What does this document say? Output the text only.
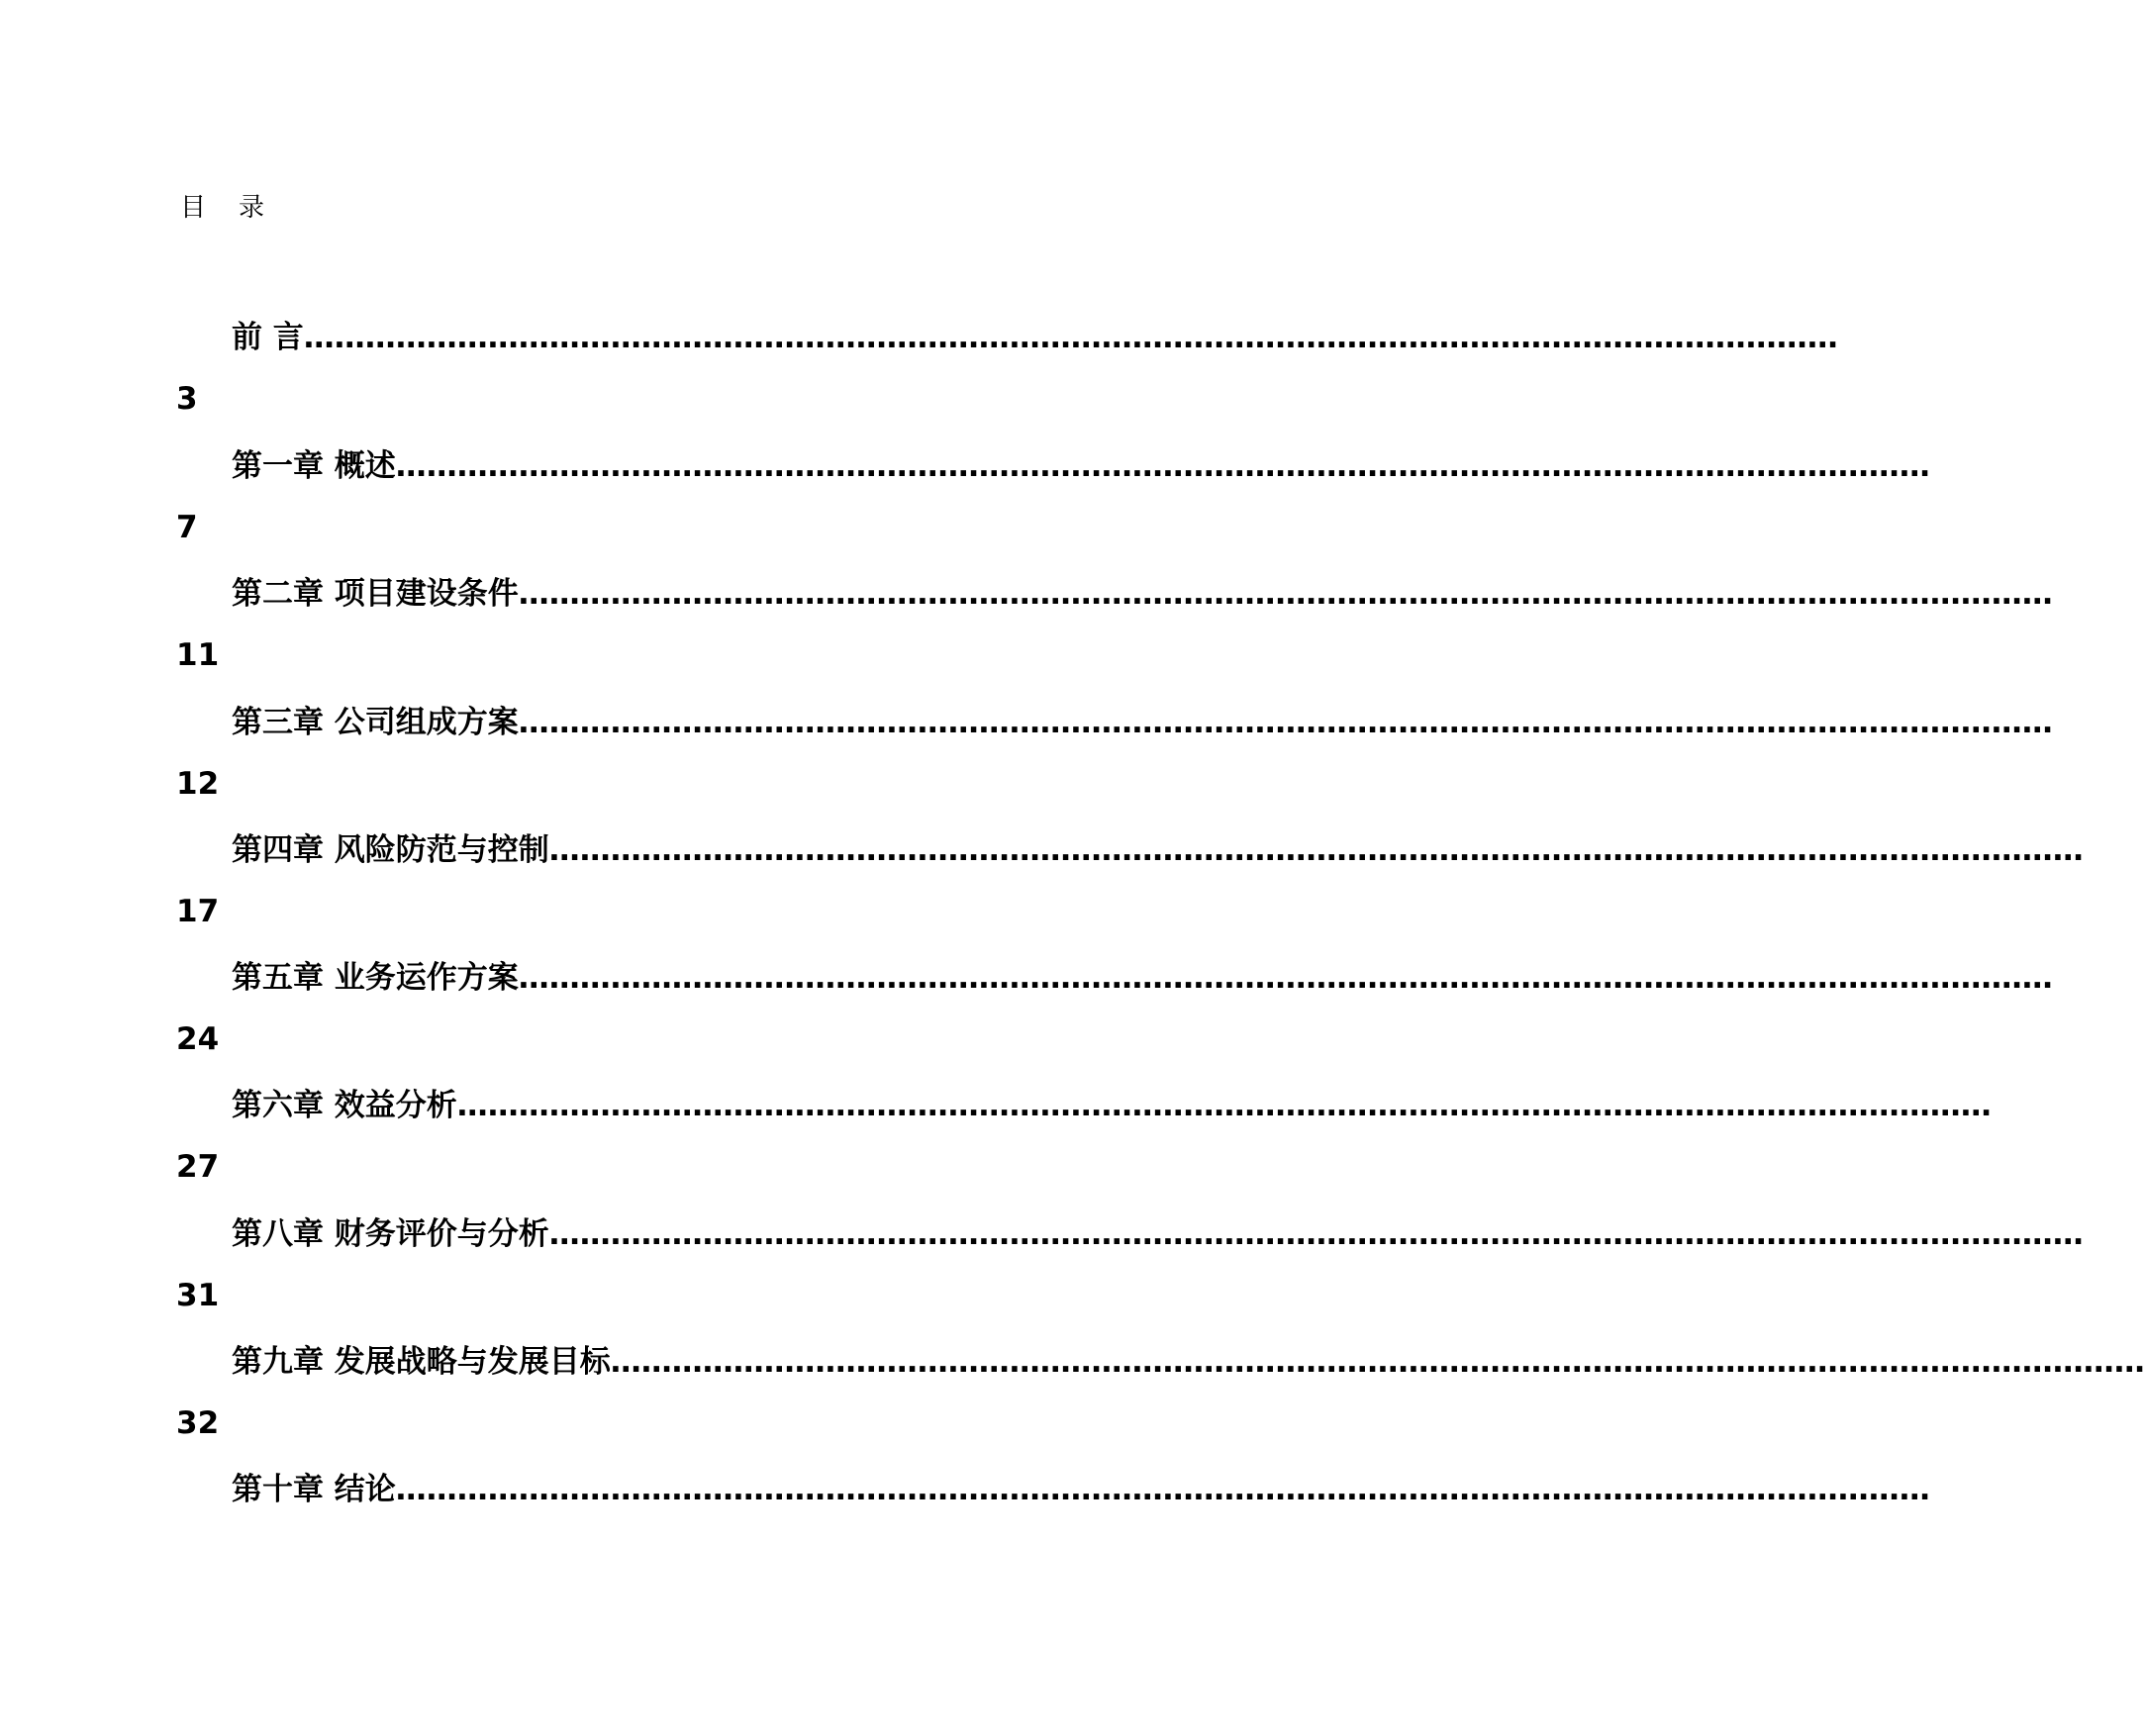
目    录
前 言……………………………………………………………………………………………………………………………………
3
第一章 概述……………………………………………………………………………………………………………………………………
7
第二章 项目建设条件……………………………………………………………………………………………………………………………………
11
第三章 公司组成方案……………………………………………………………………………………………………………………………………
12
第四章 风险防范与控制……………………………………………………………………………………………………………………………………
17
第五章 业务运作方案……………………………………………………………………………………………………………………………………
24
第六章 效益分析……………………………………………………………………………………………………………………………………
27
第八章 财务评价与分析……………………………………………………………………………………………………………………………………
31
第九章 发展战略与发展目标……………………………………………………………………………………………………………………………………
32
第十章 结论……………………………………………………………………………………………………………………………………
